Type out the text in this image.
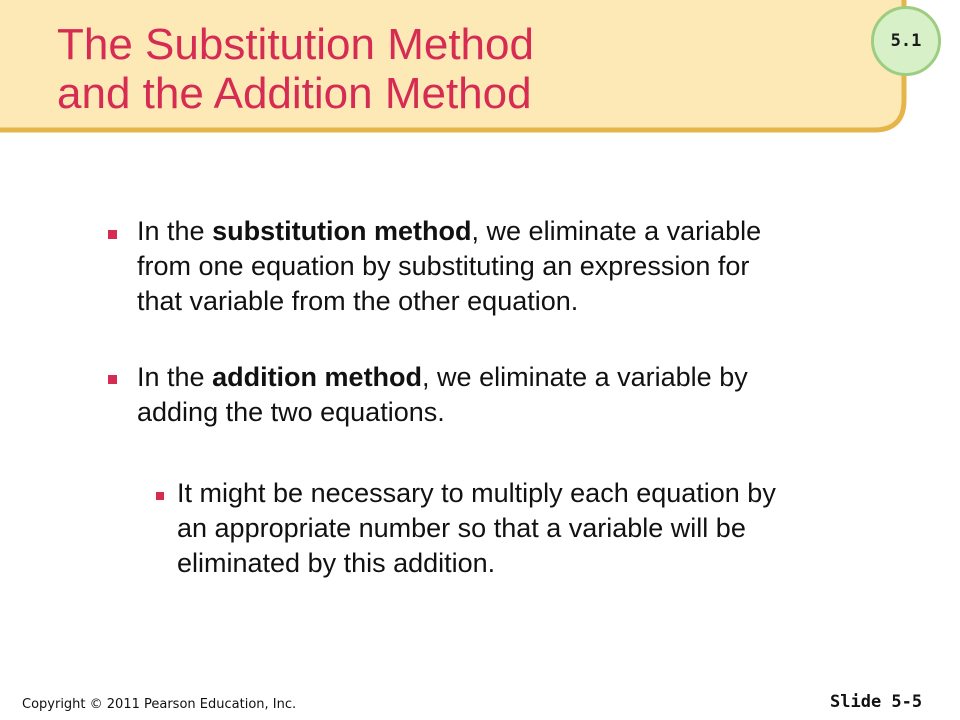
The Substitution Method
and the Addition Method
5.1
In the substitution method, we eliminate a variable
from one equation by substituting an expression for
that variable from the other equation.
In the addition method, we eliminate a variable by
adding the two equations.
It might be necessary to multiply each equation by
an appropriate number so that a variable will be
eliminated by this addition.
Copyright © 2011 Pearson Education, Inc.	Slide 5-5
